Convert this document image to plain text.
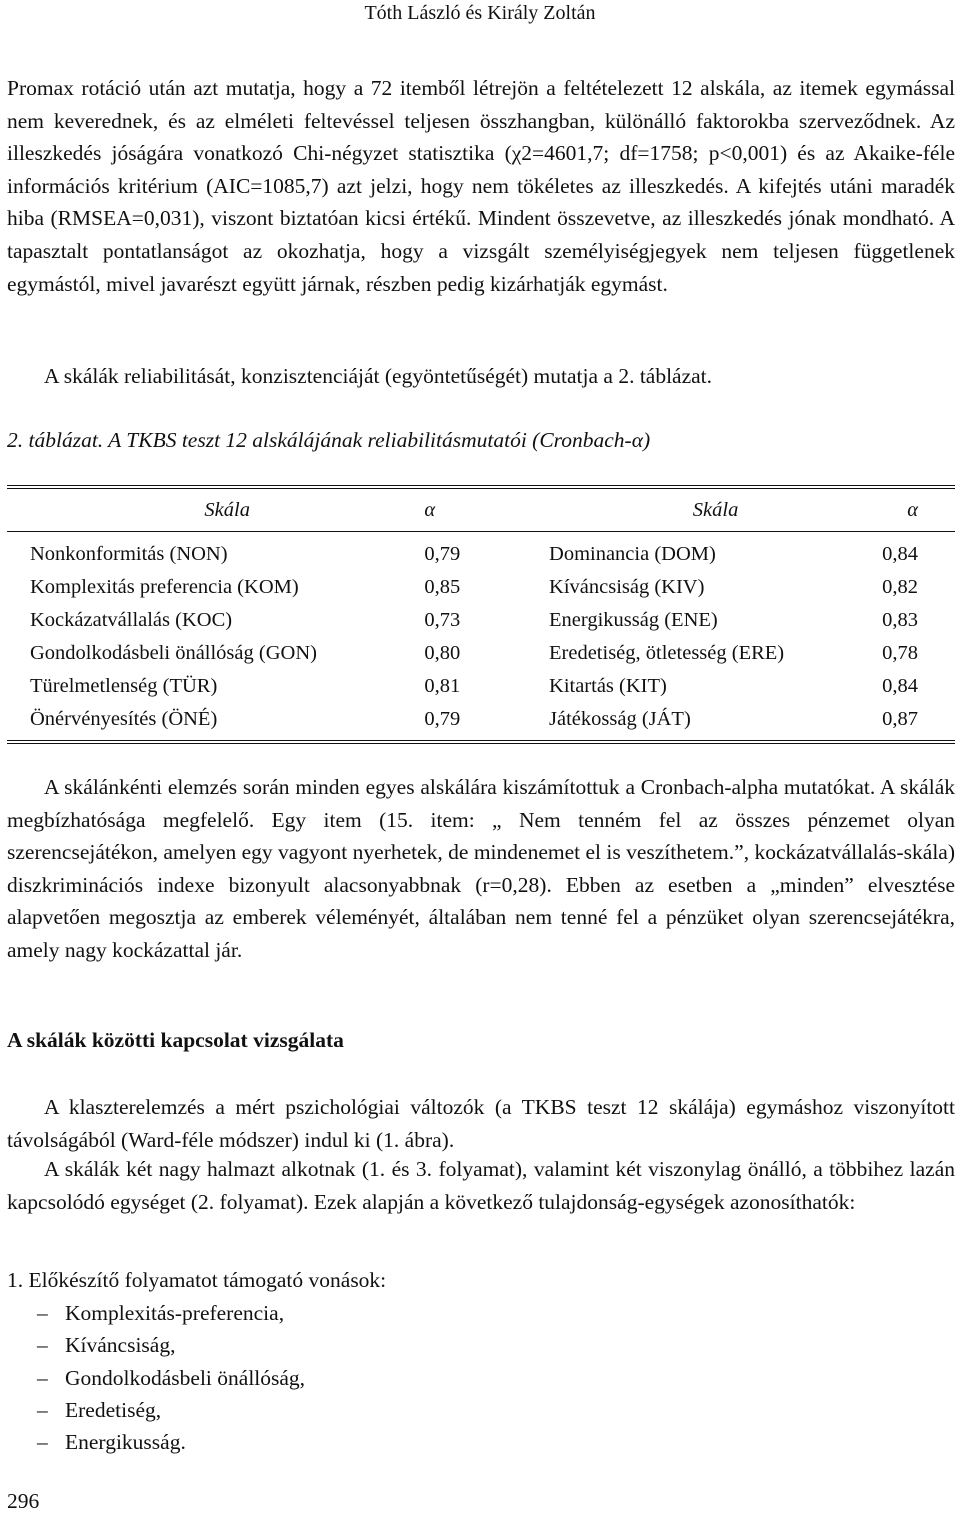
Tóth László és Király Zoltán

Promax rotáció után azt mutatja, hogy a 72 itemből létrejön a feltételezett 12 alskála, az itemek egymással nem keverednek, és az elméleti feltevéssel teljesen összhangban, különálló faktorokba szerveződnek. Az illeszkedés jóságára vonatkozó Chi-négyzet statisztika (χ2=4601,7; df=1758; p<0,001) és az Akaike-féle információs kritérium (AIC=1085,7) azt jelzi, hogy nem tökéletes az illeszkedés. A kifejtés utáni maradék hiba (RMSEA=0,031), viszont biztatóan kicsi értékű. Mindent összevetve, az illeszkedés jónak mondható. A tapasztalt pontatlanságot az okozhatja, hogy a vizsgált személyiségjegyek nem teljesen függetlenek egymástól, mivel javarészt együtt járnak, részben pedig kizárhatják egymást.

A skálák reliabilitását, konzisztenciáját (egyöntetűségét) mutatja a 2. táblázat.

2. táblázat. A TKBS teszt 12 alskálájának reliabilitásmutatói (Cronbach-α)
Skála	α	Skála	α

Nonkonformitás (NON)	0,79	Dominancia (DOM)	0,84
Komplexitás preferencia (KOM)	0,85	Kíváncsiság (KIV)	0,82
Kockázatvállalás (KOC)	0,73	Energikusság (ENE)	0,83
Gondolkodásbeli önállóság (GON)	0,80	Eredetiség, ötletesség (ERE)	0,78
Türelmetlenség (TÜR)	0,81	Kitartás (KIT)	0,84
Önérvényesítés (ÖNÉ)	0,79	Játékosság (JÁT)	0,87

A skálánkénti elemzés során minden egyes alskálára kiszámítottuk a Cronbach-alpha mutatókat. A skálák megbízhatósága megfelelő. Egy item (15. item: „ Nem tenném fel az összes pénzemet olyan szerencsejátékon, amelyen egy vagyont nyerhetek, de mindenemet el is veszíthetem.”, kockázatvállalás-skála) diszkriminációs indexe bizonyult alacsonyabbnak (r=0,28). Ebben az esetben a „minden” elvesztése alapvetően megosztja az emberek véleményét, általában nem tenné fel a pénzüket olyan szerencsejátékra, amely nagy kockázattal jár.

A skálák közötti kapcsolat vizsgálata

A klaszterelemzés a mért pszichológiai változók (a TKBS teszt 12 skálája) egymáshoz viszonyított távolságából (Ward-féle módszer) indul ki (1. ábra).

A skálák két nagy halmazt alkotnak (1. és 3. folyamat), valamint két viszonylag önálló, a többihez lazán kapcsolódó egységet (2. folyamat). Ezek alapján a következő tulajdonság-egységek azonosíthatók:

1. Előkészítő folyamatot támogató vonások:
– Komplexitás-preferencia,
– Kíváncsiság,
– Gondolkodásbeli önállóság,
– Eredetiség,
– Energikusság.
296
